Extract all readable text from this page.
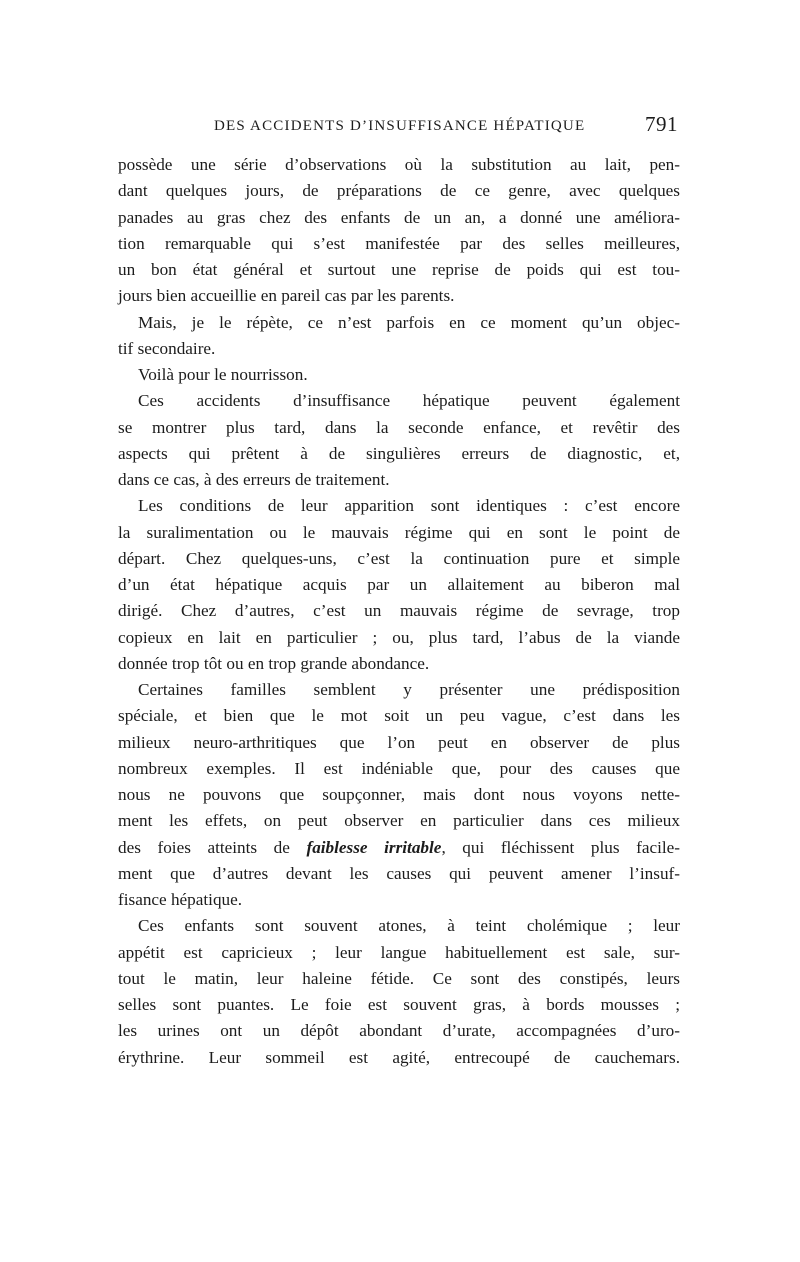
DES ACCIDENTS D’INSUFFISANCE HÉPATIQUE	791
possède une série d’observations où la substitution au lait, pen-
dant quelques jours, de préparations de ce genre, avec quelques
panades au gras chez des enfants de un an, a donné une améliora-
tion remarquable qui s’est manifestée par des selles meilleures,
un bon état général et surtout une reprise de poids qui est tou-
jours bien accueillie en pareil cas par les parents.
Mais, je le répète, ce n’est parfois en ce moment qu’un objec-
tif secondaire.
Voilà pour le nourrisson.
Ces accidents d’insuffisance hépatique peuvent également
se montrer plus tard, dans la seconde enfance, et revêtir des
aspects qui prêtent à de singulières erreurs de diagnostic, et,
dans ce cas, à des erreurs de traitement.
Les conditions de leur apparition sont identiques : c’est encore
la suralimentation ou le mauvais régime qui en sont le point de
départ. Chez quelques-uns, c’est la continuation pure et simple
d’un état hépatique acquis par un allaitement au biberon mal
dirigé. Chez d’autres, c’est un mauvais régime de sevrage, trop
copieux en lait en particulier ; ou, plus tard, l’abus de la viande
donnée trop tôt ou en trop grande abondance.
Certaines familles semblent y présenter une prédisposition
spéciale, et bien que le mot soit un peu vague, c’est dans les
milieux neuro-arthritiques que l’on peut en observer de plus
nombreux exemples. Il est indéniable que, pour des causes que
nous ne pouvons que soupçonner, mais dont nous voyons nette-
ment les effets, on peut observer en particulier dans ces milieux
des foies atteints de faiblesse irritable, qui fléchissent plus facile-
ment que d’autres devant les causes qui peuvent amener l’insuf-
fisance hépatique.
Ces enfants sont souvent atones, à teint cholémique ; leur
appétit est capricieux ; leur langue habituellement est sale, sur-
tout le matin, leur haleine fétide. Ce sont des constipés, leurs
selles sont puantes. Le foie est souvent gras, à bords mousses ;
les urines ont un dépôt abondant d’urate, accompagnées d’uro-
érythrine. Leur sommeil est agité, entrecoupé de cauchemars.
